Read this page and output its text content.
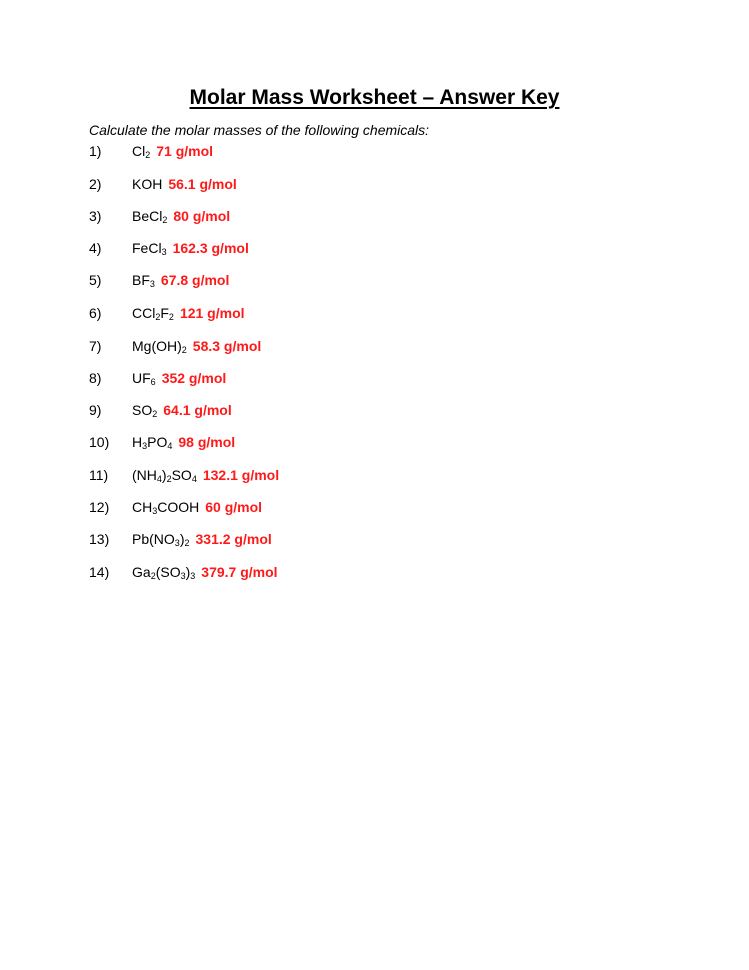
Molar Mass Worksheet – Answer Key
Calculate the molar masses of the following chemicals:
1)	$Cl_2$ 71 g/mol
2)	KOH 56.1 g/mol
3)	BeCl$_2$ 80 g/mol
4)	FeCl$_3$ 162.3 g/mol
5)	$BF_3$ 67.8 g/mol
6)	$CCl_2F_2$ 121 g/mol
7)	$Mg(OH)_2$ 58.3 g/mol
8)	$UF_6$ 352 g/mol
9)	$SO_2$ 64.1 g/mol
10)	$H_3PO_4$ 98 g/mol
11)	$(NH_4)_2SO_4$ 132.1 g/mol
12)	$CH_3COOH$ 60 g/mol
13)	$Pb(NO_3)_2$ 331.2 g/mol
14)	$Ga_2(SO_3)_3$ 379.7 g/mol
